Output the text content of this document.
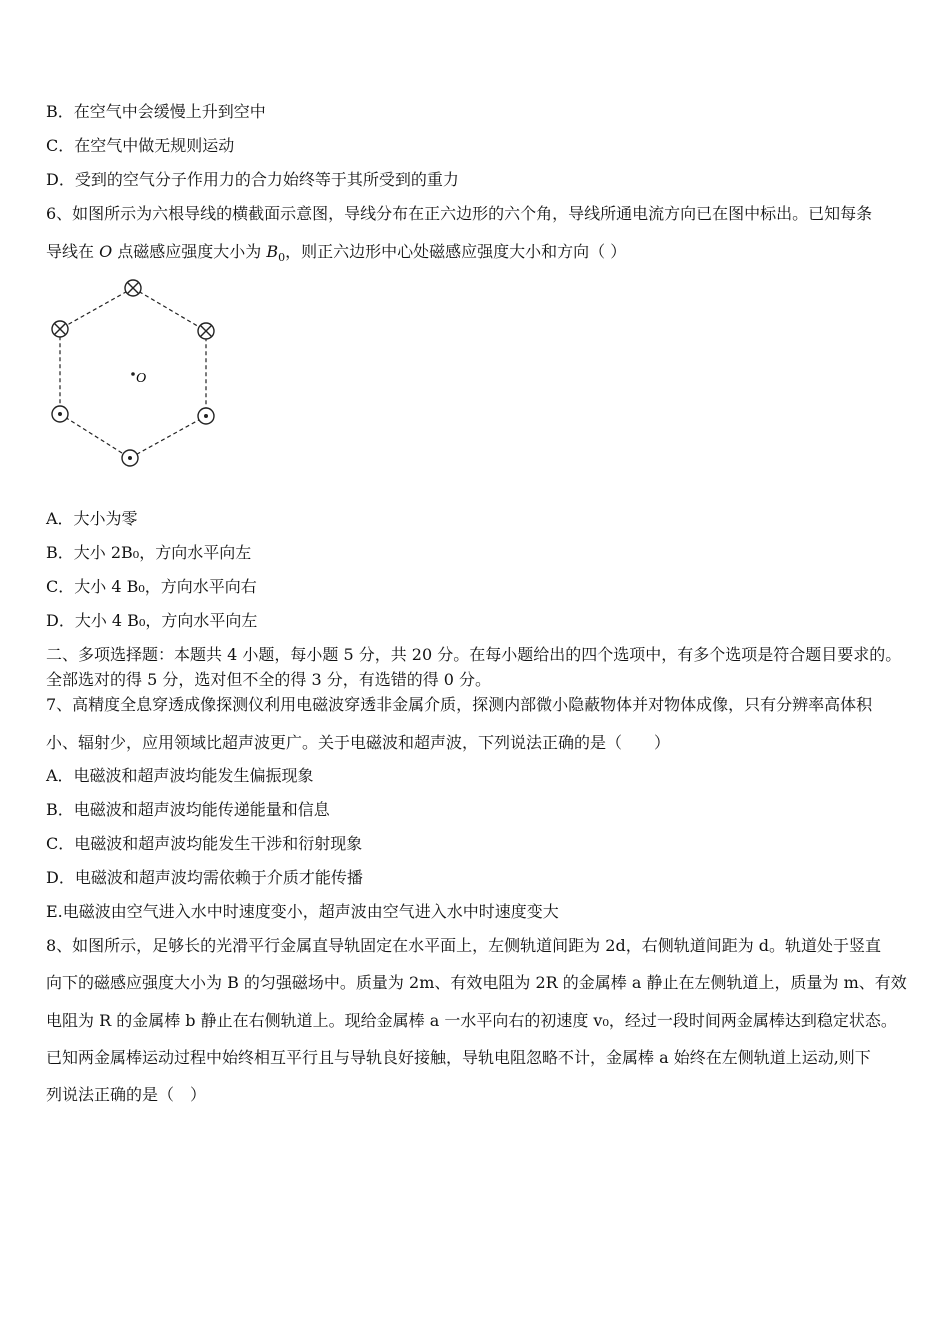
B．在空气中会缓慢上升到空中
C．在空气中做无规则运动
D．受到的空气分子作用力的合力始终等于其所受到的重力
6、如图所示为六根导线的横截面示意图，导线分布在正六边形的六个角，导线所通电流方向已在图中标出。已知每条
导线在 O 点磁感应强度大小为 $B_0$，则正六边形中心处磁感应强度大小和方向（ ）
O
A．大小为零
B．大小 2B₀，方向水平向左
C．大小 4 B₀，方向水平向右
D．大小 4 B₀，方向水平向左
二、多项选择题：本题共 4 小题，每小题 5 分，共 20 分。在每小题给出的四个选项中，有多个选项是符合题目要求的。
全部选对的得 5 分，选对但不全的得 3 分，有选错的得 0 分。
7、高精度全息穿透成像探测仪利用电磁波穿透非金属介质，探测内部微小隐蔽物体并对物体成像，只有分辨率高体积
小、辐射少，应用领域比超声波更广。关于电磁波和超声波，下列说法正确的是（　　）
A．电磁波和超声波均能发生偏振现象
B．电磁波和超声波均能传递能量和信息
C．电磁波和超声波均能发生干涉和衍射现象
D．电磁波和超声波均需依赖于介质才能传播
E.电磁波由空气进入水中时速度变小，超声波由空气进入水中时速度变大
8、如图所示，足够长的光滑平行金属直导轨固定在水平面上，左侧轨道间距为 2d，右侧轨道间距为 d。轨道处于竖直
向下的磁感应强度大小为 B 的匀强磁场中。质量为 2m、有效电阻为 2R 的金属棒 a 静止在左侧轨道上，质量为 m、有效
电阻为 R 的金属棒 b 静止在右侧轨道上。现给金属棒 a 一水平向右的初速度 v₀，经过一段时间两金属棒达到稳定状态。
已知两金属棒运动过程中始终相互平行且与导轨良好接触，导轨电阻忽略不计，金属棒 a 始终在左侧轨道上运动,则下
列说法正确的是（　）
